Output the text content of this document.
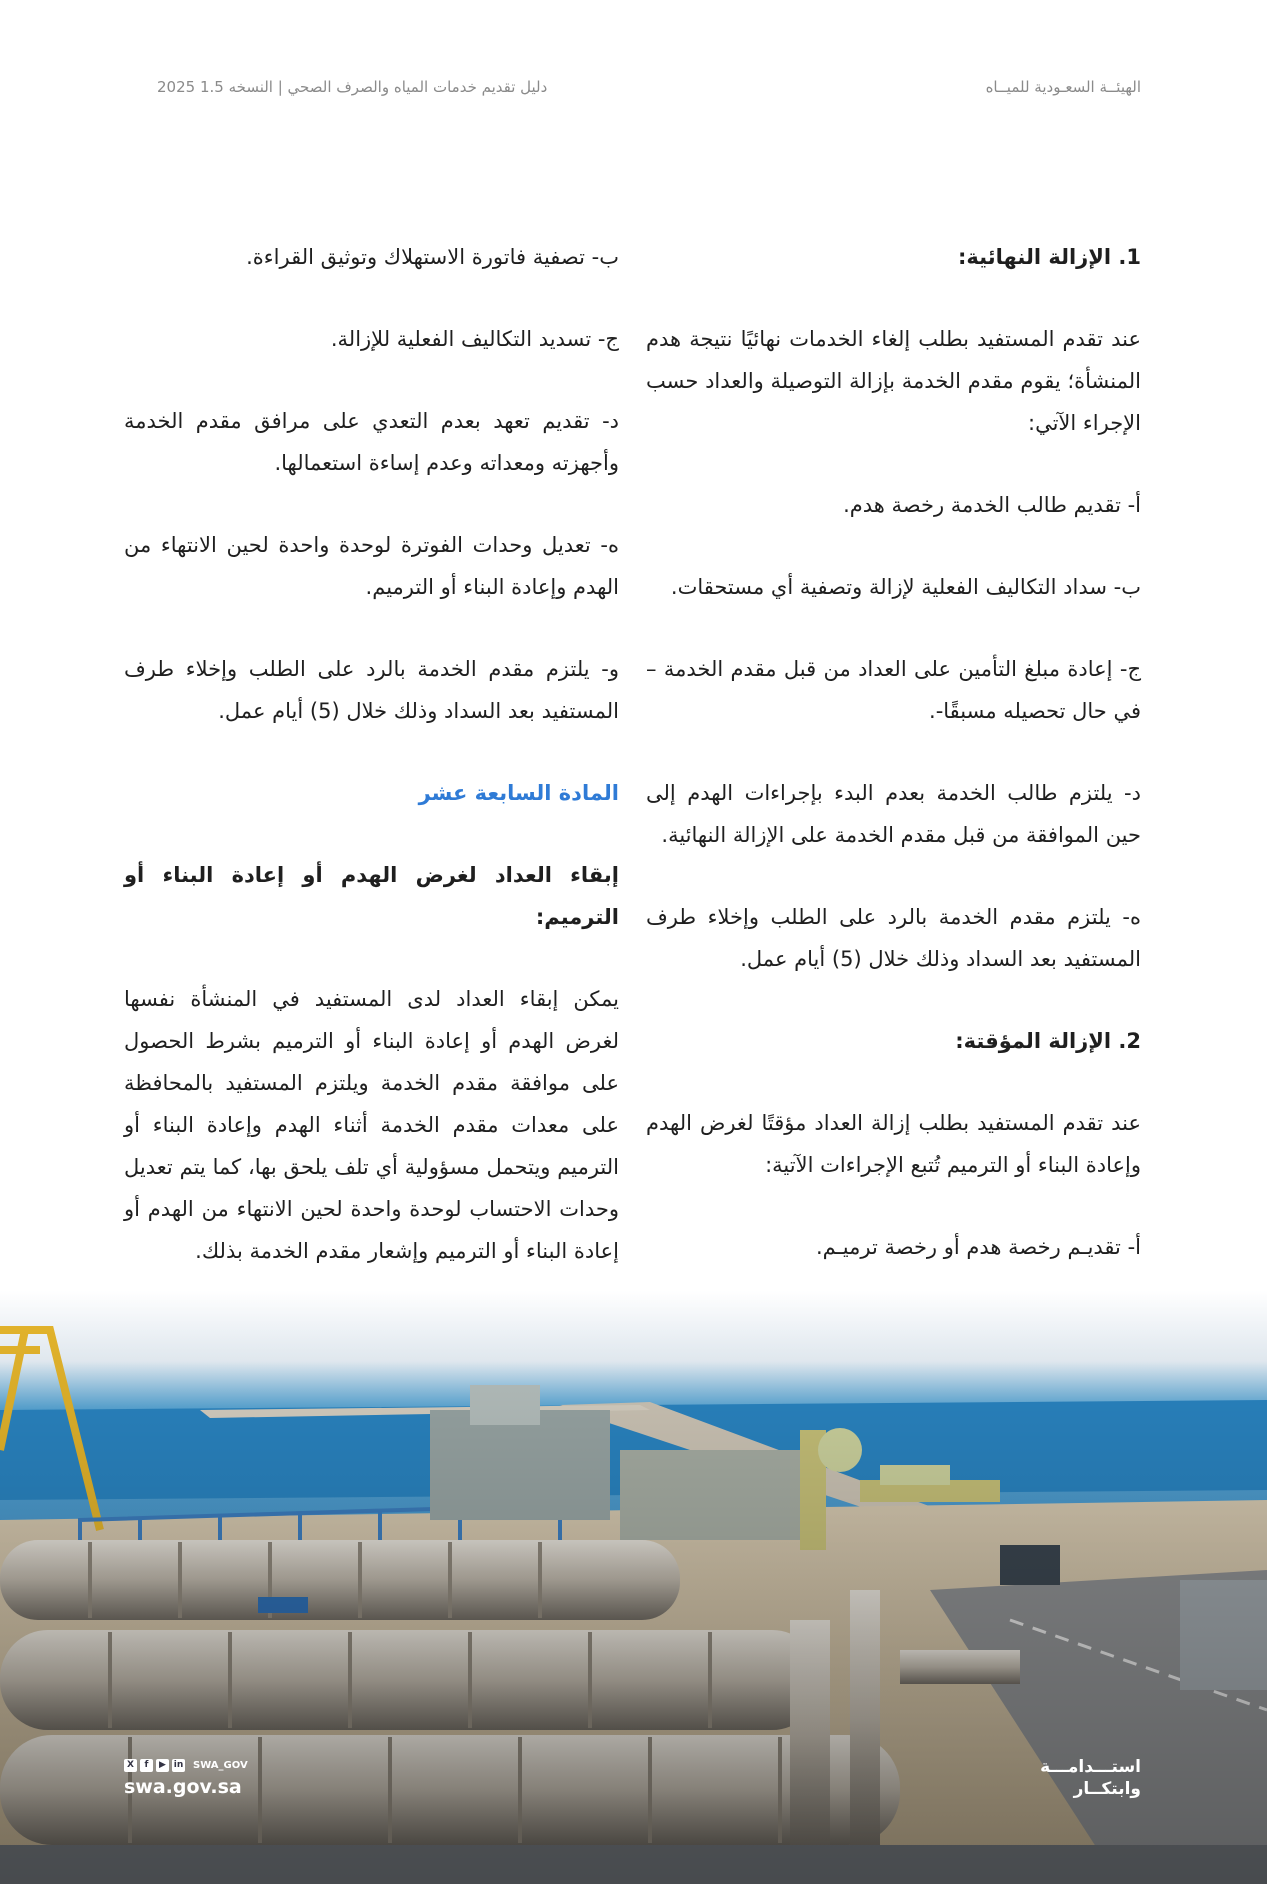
الهيئــة السعـودية للميــاه
دليل تقديم خدمات المياه والصرف الصحي | النسخه 1.5 2025
1. الإزالة النهائية:

عند تقدم المستفيد بطلب إلغاء الخدمات نهائيًا نتيجة هدم المنشأة؛ يقوم مقدم الخدمة بإزالة التوصيلة والعداد حسب الإجراء الآتي:

أ- تقديم طالب الخدمة رخصة هدم.

ب- سداد التكاليف الفعلية لإزالة وتصفية أي مستحقات.

ج- إعادة مبلغ التأمين على العداد من قبل مقدم الخدمة –في حال تحصيله مسبقًا-.

د- يلتزم طالب الخدمة بعدم البدء بإجراءات الهدم إلى حين الموافقة من قبل مقدم الخدمة على الإزالة النهائية.

ه- يلتزم مقدم الخدمة بالرد على الطلب وإخلاء طرف المستفيد بعد السداد وذلك خلال (5) أيام عمل.

2. الإزالة المؤقتة:

عند تقدم المستفيد بطلب إزالة العداد مؤقتًا لغرض الهدم وإعادة البناء أو الترميم تُتبع الإجراءات الآتية:

أ- تقديـم رخصة هدم أو رخصة ترميـم.

ب- تصفية فاتورة الاستهلاك وتوثيق القراءة.

ج- تسديد التكاليف الفعلية للإزالة.

د- تقديم تعهد بعدم التعدي على مرافق مقدم الخدمة وأجهزته ومعداته وعدم إساءة استعمالها.

ه- تعديل وحدات الفوترة لوحدة واحدة لحين الانتهاء من الهدم وإعادة البناء أو الترميم.

و- يلتزم مقدم الخدمة بالرد على الطلب وإخلاء طرف المستفيد بعد السداد وذلك خلال (5) أيام عمل.

المادة السابعة عشر
إبقاء العداد لغرض الهدم أو إعادة البناء أو الترميم:

يمكن إبقاء العداد لدى المستفيد في المنشأة نفسها لغرض الهدم أو إعادة البناء أو الترميم بشرط الحصول على موافقة مقدم الخدمة ويلتزم المستفيد بالمحافظة على معدات مقدم الخدمة أثناء الهدم وإعادة البناء أو الترميم ويتحمل مسؤولية أي تلف يلحق بها، كما يتم تعديل وحدات الاحتساب لوحدة واحدة لحين الانتهاء من الهدم أو إعادة البناء أو الترميم وإشعار مقدم الخدمة بذلك.

X	f	▶ in SWA_GOV
swa.gov.sa
استـــدامـــة
وابتكــار
